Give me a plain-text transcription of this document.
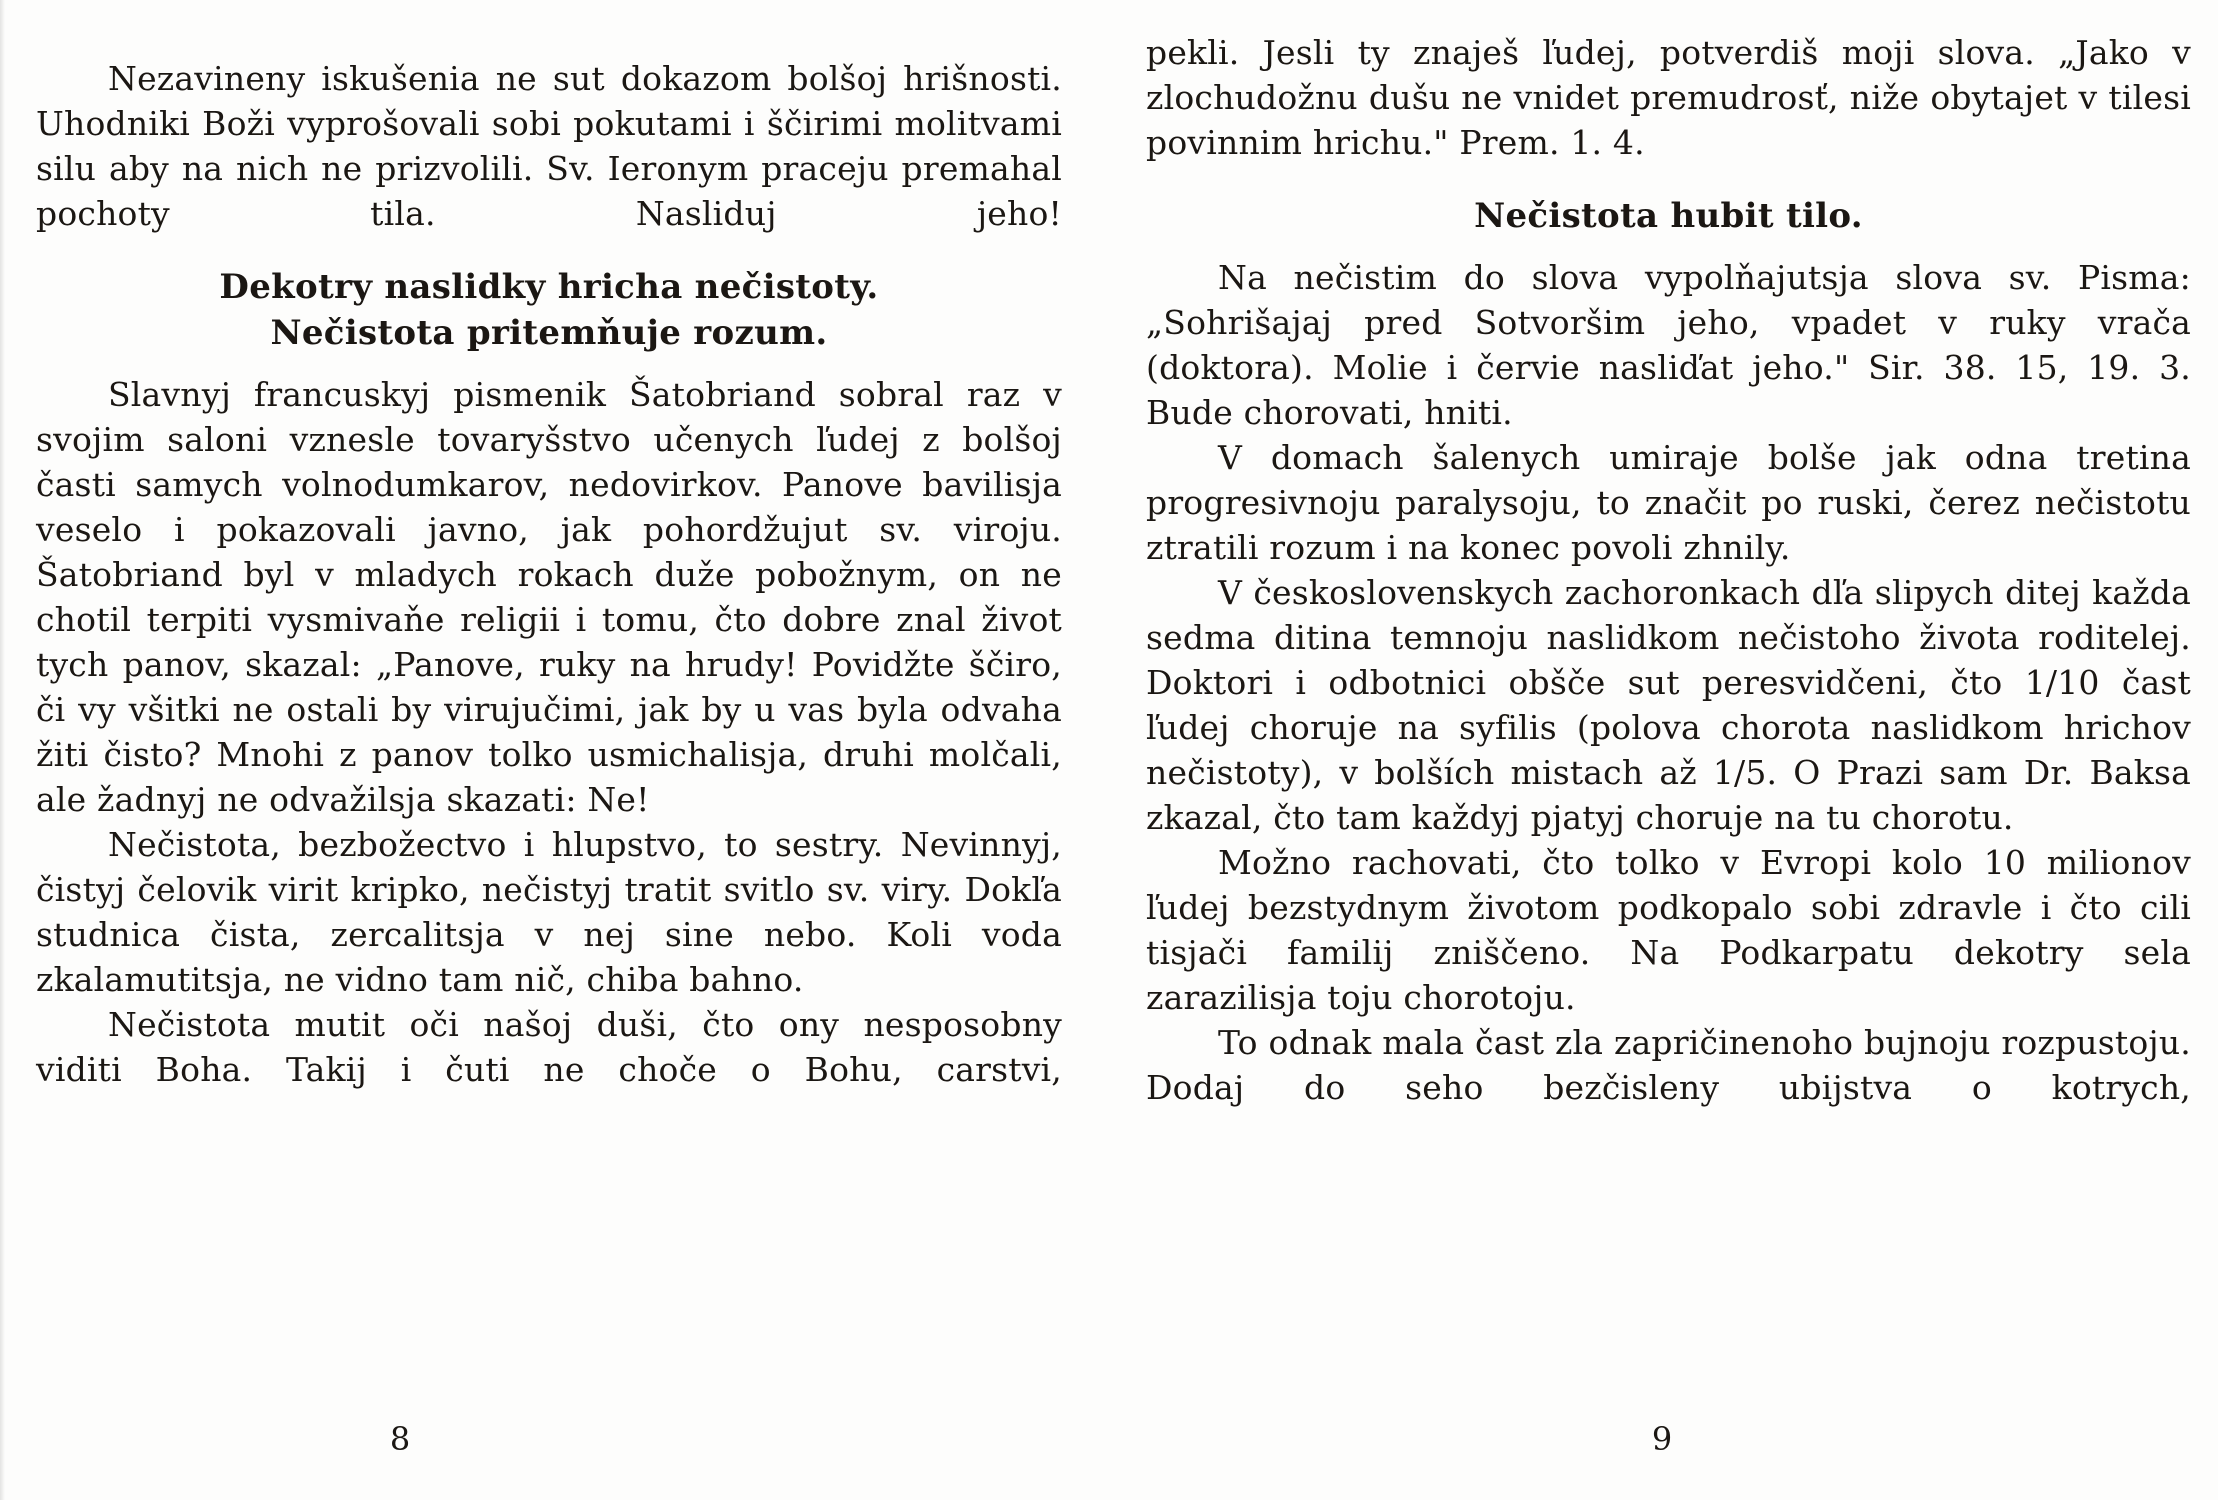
Nezavineny iskušenia ne sut dokazom bolšoj hrišnosti. Uhodniki Boži vyprošovali sobi pokutami i ščirimi molitvami silu aby na nich ne prizvolili. Sv. Ieronym praceju premahal pochoty tila. Nasliduj jeho!

Dekotry naslidky hricha nečistoty.
Nečistota pritemňuje rozum.

Slavnyj francuskyj pismenik Šatobriand sobral raz v svojim saloni vznesle tovaryšstvo učenych ľudej z bolšoj časti samych volnodumkarov, nedovirkov. Panove bavilisja veselo i pokazovali javno, jak pohordžujut sv. viroju. Šatobriand byl v mladych rokach duže pobožnym, on ne chotil terpiti vysmivaňe religii i tomu, čto dobre znal život tych panov, skazal: „Panove, ruky na hrudy! Povidžte ščiro, či vy všitki ne ostali by virujučimi, jak by u vas byla odvaha žiti čisto? Mnohi z panov tolko usmichalisja, druhi molčali, ale žadnyj ne odvažilsja skazati: Ne!

Nečistota, bezbožectvo i hlupstvo, to sestry. Nevinnyj, čistyj čelovik virit kripko, nečistyj tratit svitlo sv. viry. Dokľa studnica čista, zercalitsja v nej sine nebo. Koli voda zkalamutitsja, ne vidno tam nič, chiba bahno.

Nečistota mutit oči našoj duši, čto ony nesposobny viditi Boha. Takij i čuti ne choče o Bohu, carstvi,

pekli. Jesli ty znaješ ľudej, potverdiš moji slova. „Jako v zlochudožnu dušu ne vnidet premudrosť, niže obytajet v tilesi povinnim hrichu." Prem. 1. 4.

Nečistota hubit tilo.

Na nečistim do slova vypolňajutsja slova sv. Pisma: „Sohrišajaj pred Sotvoršim jeho, vpadet v ruky vrača (doktora). Molie i červie nasliďat jeho." Sir. 38. 15, 19. 3. Bude chorovati, hniti.

V domach šalenych umiraje bolše jak odna tretina progresivnoju paralysoju, to značit po ruski, čerez nečistotu ztratili rozum i na konec povoli zhnily.

V československych zachoronkach dľa slipych ditej každa sedma ditina temnoju naslidkom nečistoho života roditelej. Doktori i odbotnici obšče sut peresvidčeni, čto 1/10 čast ľudej choruje na syfilis (polova chorota naslidkom hrichov nečistoty), v bolších mistach až 1/5. O Prazi sam Dr. Baksa zkazal, čto tam každyj pjatyj choruje na tu chorotu.

Možno rachovati, čto tolko v Evropi kolo 10 milionov ľudej bezstydnym životom podkopalo sobi zdravle i čto cili tisjači familij zniščeno. Na Podkarpatu dekotry sela zarazilisja toju chorotoju.

To odnak mala čast zla zapričinenoho bujnoju rozpustoju. Dodaj do seho bezčisleny ubijstva o kotrych,

8	9
